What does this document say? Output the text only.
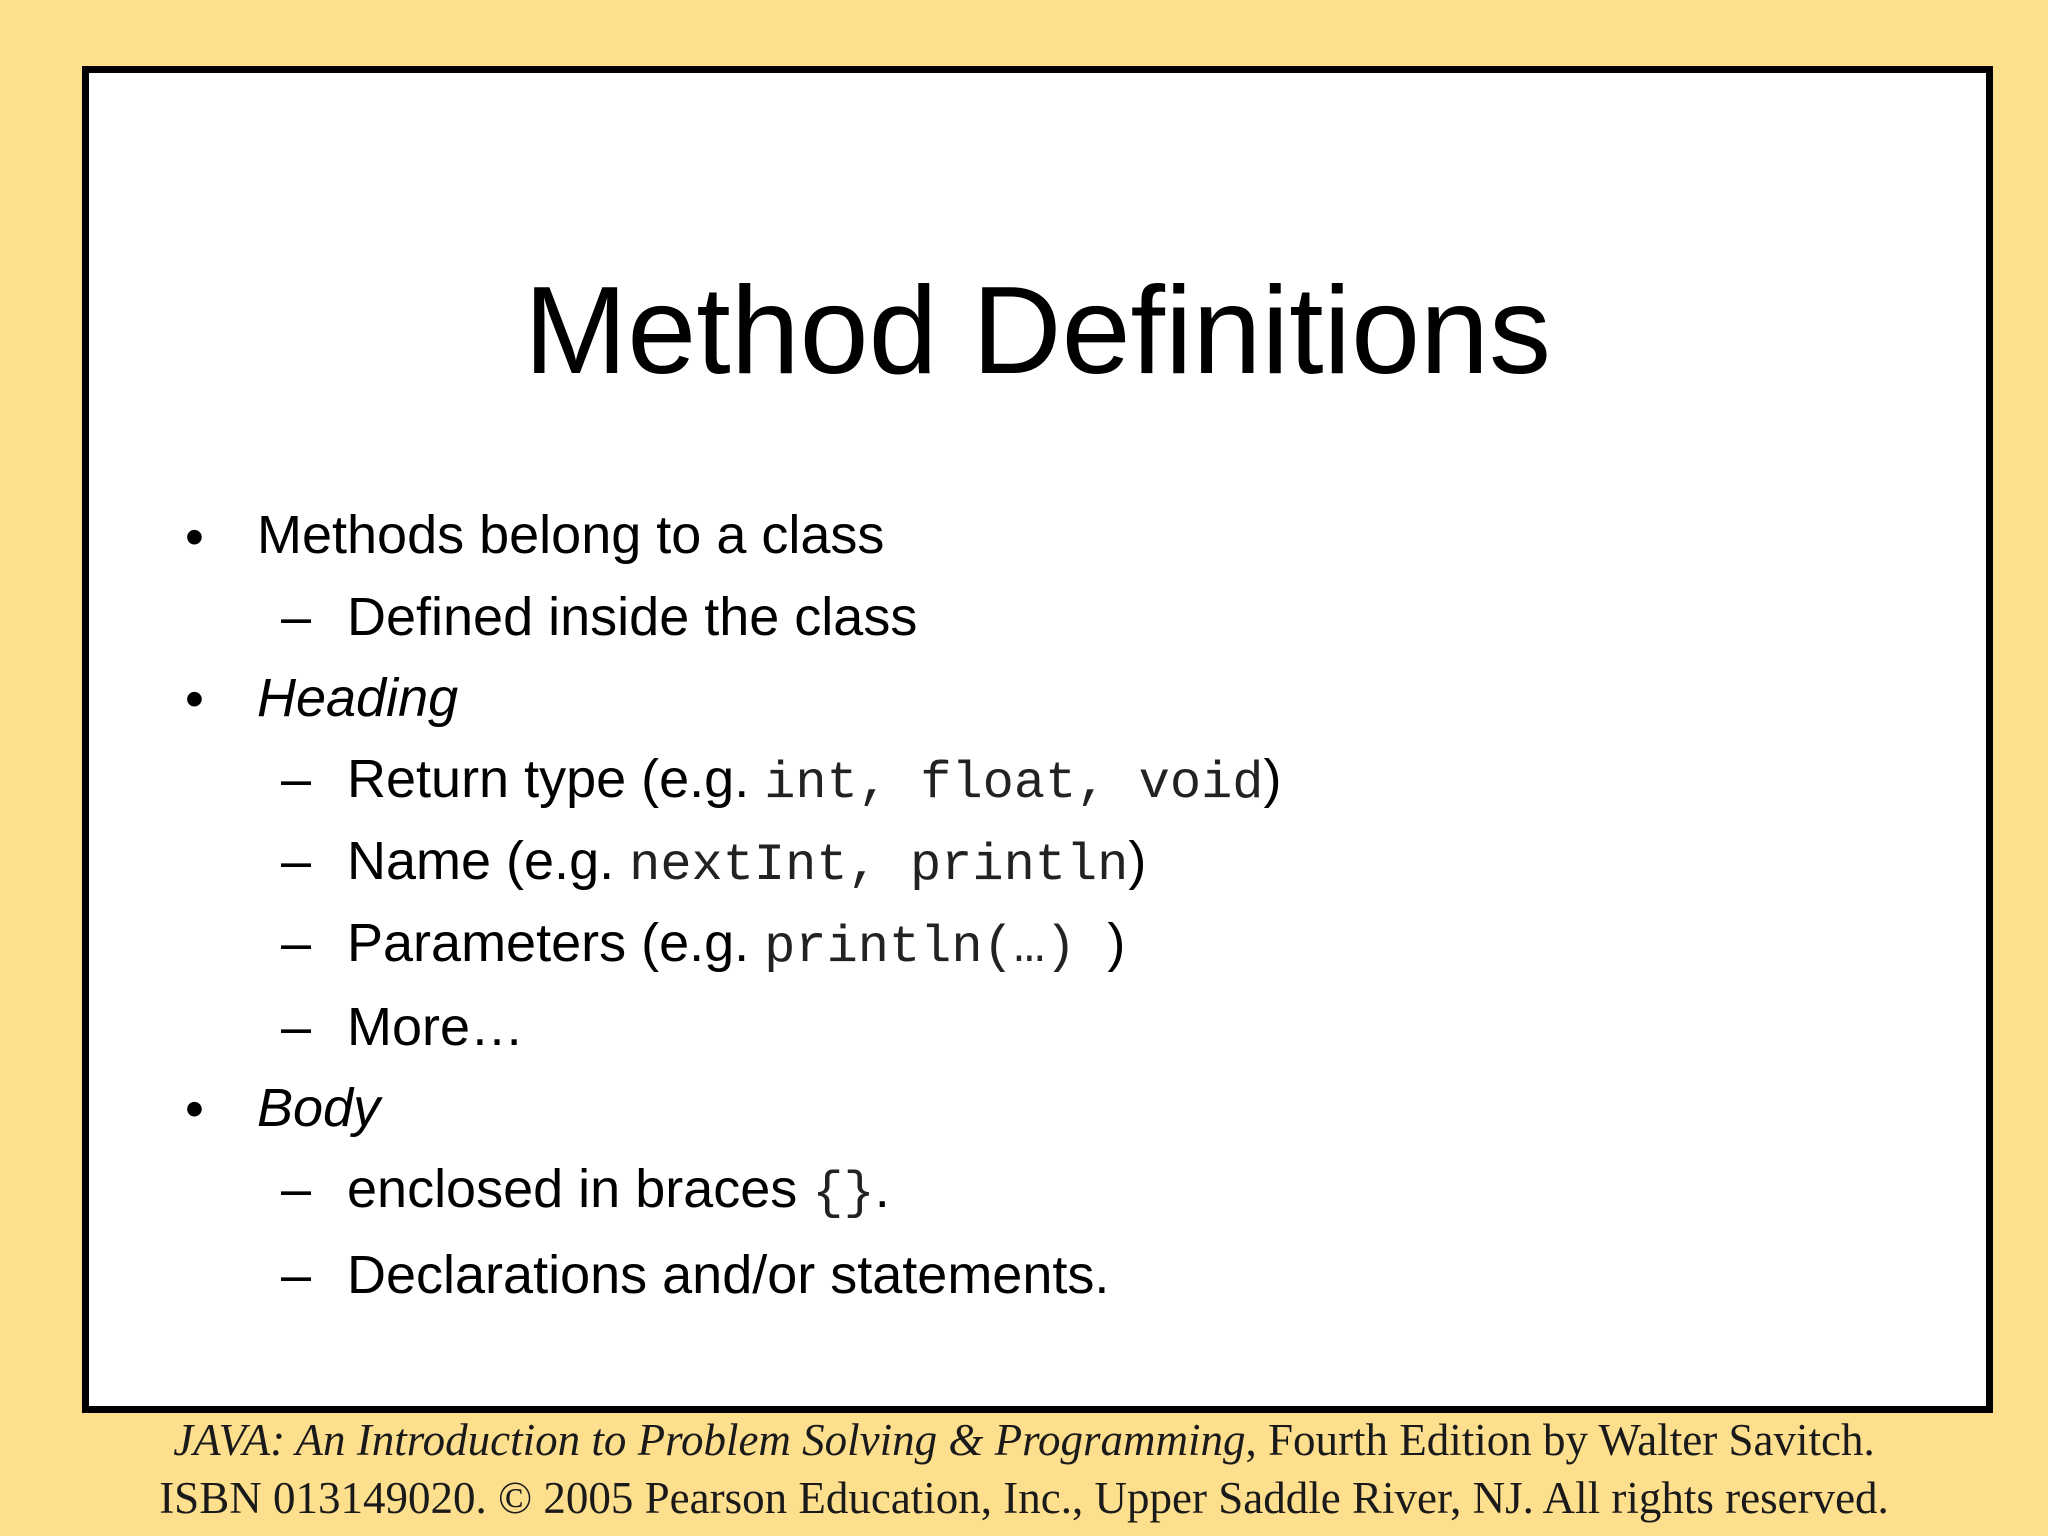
Method Definitions
• Methods belong to a class
– Defined inside the class
• Heading
– Return type (e.g. int, float, void)
– Name (e.g. nextInt, println)
– Parameters (e.g. println(…) )
– More…
• Body
– enclosed in braces {}.
– Declarations and/or statements.
JAVA: An Introduction to Problem Solving & Programming, Fourth Edition by Walter Savitch.
ISBN 013149020. © 2005 Pearson Education, Inc., Upper Saddle River, NJ. All rights reserved.
